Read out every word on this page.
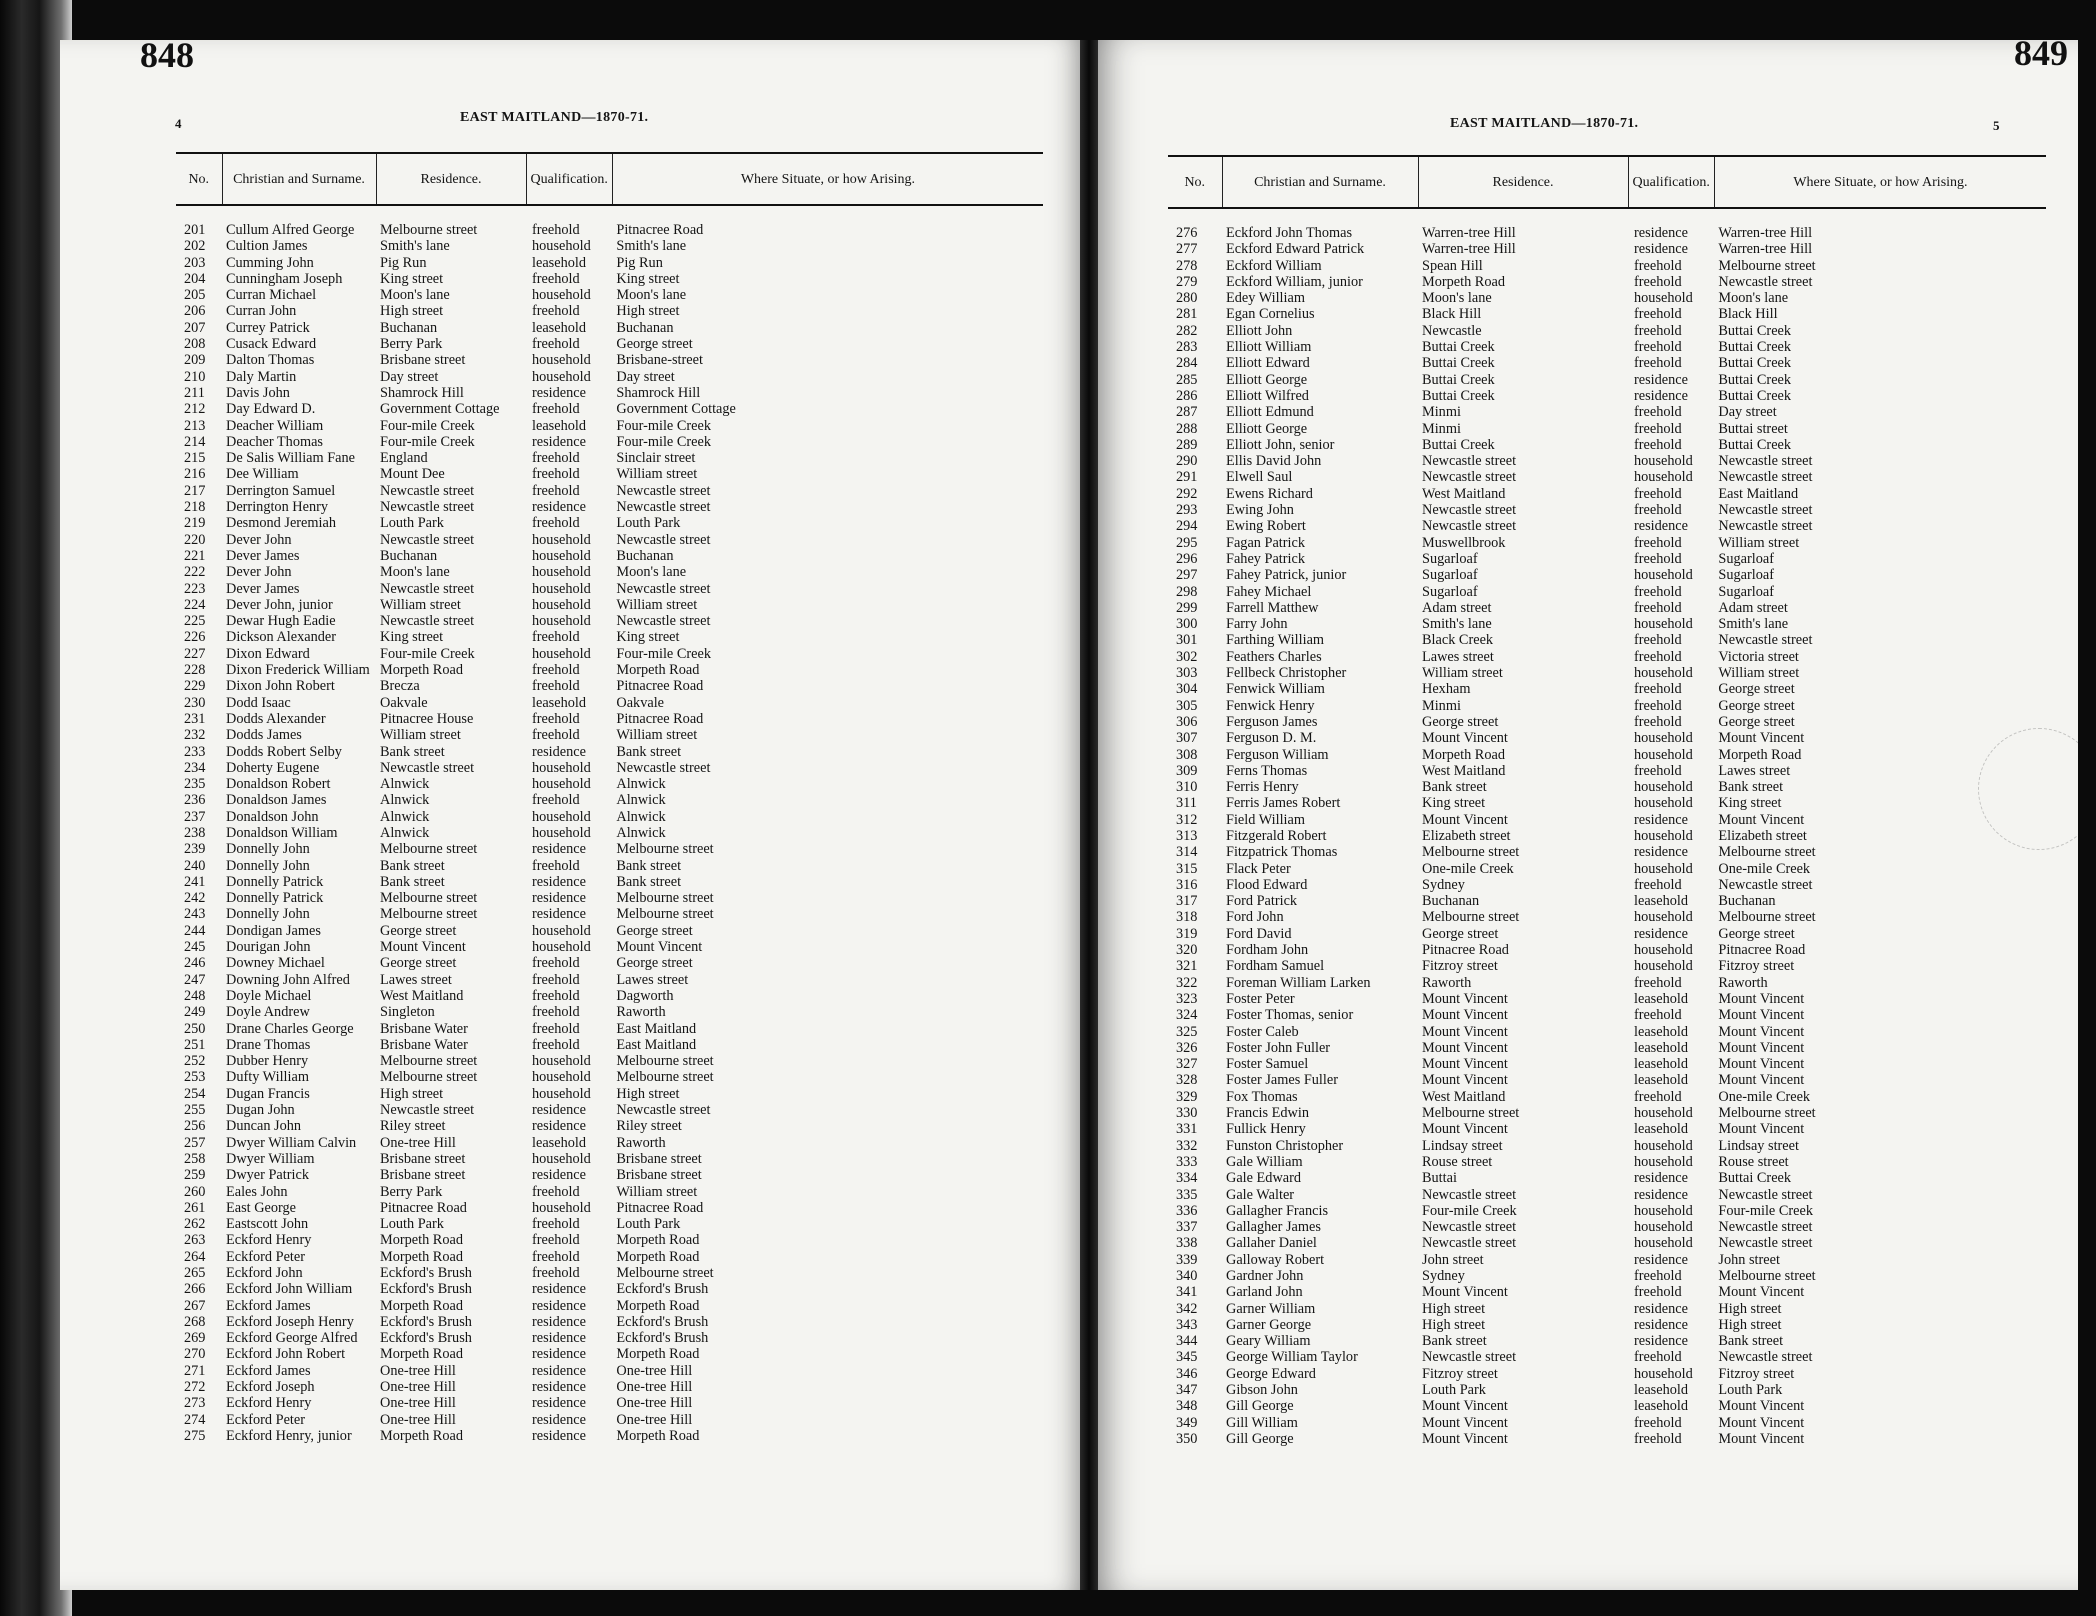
848
4	EAST MAITLAND—1870-71.
No.	Christian and Surname.	Residence.	Qualification.	Where Situate, or how Arising.
201	Cullum Alfred George	Melbourne street	freehold	Pitnacree Road
202	Cultion James	Smith's lane	household	Smith's lane
203	Cumming John	Pig Run	leasehold	Pig Run
204	Cunningham Joseph	King street	freehold	King street
205	Curran Michael	Moon's lane	household	Moon's lane
206	Curran John	High street	freehold	High street
207	Currey Patrick	Buchanan	leasehold	Buchanan
208	Cusack Edward	Berry Park	freehold	George street
209	Dalton Thomas	Brisbane street	household	Brisbane-street
210	Daly Martin	Day street	household	Day street
211	Davis John	Shamrock Hill	residence	Shamrock Hill
212	Day Edward D.	Government Cottage	freehold	Government Cottage
213	Deacher William	Four-mile Creek	leasehold	Four-mile Creek
214	Deacher Thomas	Four-mile Creek	residence	Four-mile Creek
215	De Salis William Fane	England	freehold	Sinclair street
216	Dee William	Mount Dee	freehold	William street
217	Derrington Samuel	Newcastle street	freehold	Newcastle street
218	Derrington Henry	Newcastle street	residence	Newcastle street
219	Desmond Jeremiah	Louth Park	freehold	Louth Park
220	Dever John	Newcastle street	household	Newcastle street
221	Dever James	Buchanan	household	Buchanan
222	Dever John	Moon's lane	household	Moon's lane
223	Dever James	Newcastle street	household	Newcastle street
224	Dever John, junior	William street	household	William street
225	Dewar Hugh Eadie	Newcastle street	household	Newcastle street
226	Dickson Alexander	King street	freehold	King street
227	Dixon Edward	Four-mile Creek	household	Four-mile Creek
228	Dixon Frederick William	Morpeth Road	freehold	Morpeth Road
229	Dixon John Robert	Brecza	freehold	Pitnacree Road
230	Dodd Isaac	Oakvale	leasehold	Oakvale
231	Dodds Alexander	Pitnacree House	freehold	Pitnacree Road
232	Dodds James	William street	freehold	William street
233	Dodds Robert Selby	Bank street	residence	Bank street
234	Doherty Eugene	Newcastle street	household	Newcastle street
235	Donaldson Robert	Alnwick	household	Alnwick
236	Donaldson James	Alnwick	freehold	Alnwick
237	Donaldson John	Alnwick	household	Alnwick
238	Donaldson William	Alnwick	household	Alnwick
239	Donnelly John	Melbourne street	residence	Melbourne street
240	Donnelly John	Bank street	freehold	Bank street
241	Donnelly Patrick	Bank street	residence	Bank street
242	Donnelly Patrick	Melbourne street	residence	Melbourne street
243	Donnelly John	Melbourne street	residence	Melbourne street
244	Dondigan James	George street	household	George street
245	Dourigan John	Mount Vincent	household	Mount Vincent
246	Downey Michael	George street	freehold	George street
247	Downing John Alfred	Lawes street	freehold	Lawes street
248	Doyle Michael	West Maitland	freehold	Dagworth
249	Doyle Andrew	Singleton	freehold	Raworth
250	Drane Charles George	Brisbane Water	freehold	East Maitland
251	Drane Thomas	Brisbane Water	freehold	East Maitland
252	Dubber Henry	Melbourne street	household	Melbourne street
253	Dufty William	Melbourne street	household	Melbourne street
254	Dugan Francis	High street	household	High street
255	Dugan John	Newcastle street	residence	Newcastle street
256	Duncan John	Riley street	residence	Riley street
257	Dwyer William Calvin	One-tree Hill	leasehold	Raworth
258	Dwyer William	Brisbane street	household	Brisbane street
259	Dwyer Patrick	Brisbane street	residence	Brisbane street
260	Eales John	Berry Park	freehold	William street
261	East George	Pitnacree Road	household	Pitnacree Road
262	Eastscott John	Louth Park	freehold	Louth Park
263	Eckford Henry	Morpeth Road	freehold	Morpeth Road
264	Eckford Peter	Morpeth Road	freehold	Morpeth Road
265	Eckford John	Eckford's Brush	freehold	Melbourne street
266	Eckford John William	Eckford's Brush	residence	Eckford's Brush
267	Eckford James	Morpeth Road	residence	Morpeth Road
268	Eckford Joseph Henry	Eckford's Brush	residence	Eckford's Brush
269	Eckford George Alfred	Eckford's Brush	residence	Eckford's Brush
270	Eckford John Robert	Morpeth Road	residence	Morpeth Road
271	Eckford James	One-tree Hill	residence	One-tree Hill
272	Eckford Joseph	One-tree Hill	residence	One-tree Hill
273	Eckford Henry	One-tree Hill	residence	One-tree Hill
274	Eckford Peter	One-tree Hill	residence	One-tree Hill
275	Eckford Henry, junior	Morpeth Road	residence	Morpeth Road
849
5
EAST MAITLAND—1870-71.
No.	Christian and Surname.	Residence.	Qualification.	Where Situate, or how Arising.
276	Eckford John Thomas	Warren-tree Hill	residence	Warren-tree Hill
277	Eckford Edward Patrick	Warren-tree Hill	residence	Warren-tree Hill
278	Eckford William	Spean Hill	freehold	Melbourne street
279	Eckford William, junior	Morpeth Road	freehold	Newcastle street
280	Edey William	Moon's lane	household	Moon's lane
281	Egan Cornelius	Black Hill	freehold	Black Hill
282	Elliott John	Newcastle	freehold	Buttai Creek
283	Elliott William	Buttai Creek	freehold	Buttai Creek
284	Elliott Edward	Buttai Creek	freehold	Buttai Creek
285	Elliott George	Buttai Creek	residence	Buttai Creek
286	Elliott Wilfred	Buttai Creek	residence	Buttai Creek
287	Elliott Edmund	Minmi	freehold	Day street
288	Elliott George	Minmi	freehold	Buttai street
289	Elliott John, senior	Buttai Creek	freehold	Buttai Creek
290	Ellis David John	Newcastle street	household	Newcastle street
291	Elwell Saul	Newcastle street	household	Newcastle street
292	Ewens Richard	West Maitland	freehold	East Maitland
293	Ewing John	Newcastle street	freehold	Newcastle street
294	Ewing Robert	Newcastle street	residence	Newcastle street
295	Fagan Patrick	Muswellbrook	freehold	William street
296	Fahey Patrick	Sugarloaf	freehold	Sugarloaf
297	Fahey Patrick, junior	Sugarloaf	household	Sugarloaf
298	Fahey Michael	Sugarloaf	freehold	Sugarloaf
299	Farrell Matthew	Adam street	freehold	Adam street
300	Farry John	Smith's lane	household	Smith's lane
301	Farthing William	Black Creek	freehold	Newcastle street
302	Feathers Charles	Lawes street	freehold	Victoria street
303	Fellbeck Christopher	William street	household	William street
304	Fenwick William	Hexham	freehold	George street
305	Fenwick Henry	Minmi	freehold	George street
306	Ferguson James	George street	freehold	George street
307	Ferguson D. M.	Mount Vincent	household	Mount Vincent
308	Ferguson William	Morpeth Road	household	Morpeth Road
309	Ferns Thomas	West Maitland	freehold	Lawes street
310	Ferris Henry	Bank street	household	Bank street
311	Ferris James Robert	King street	household	King street
312	Field William	Mount Vincent	residence	Mount Vincent
313	Fitzgerald Robert	Elizabeth street	household	Elizabeth street
314	Fitzpatrick Thomas	Melbourne street	residence	Melbourne street
315	Flack Peter	One-mile Creek	household	One-mile Creek
316	Flood Edward	Sydney	freehold	Newcastle street
317	Ford Patrick	Buchanan	leasehold	Buchanan
318	Ford John	Melbourne street	household	Melbourne street
319	Ford David	George street	residence	George street
320	Fordham John	Pitnacree Road	household	Pitnacree Road
321	Fordham Samuel	Fitzroy street	household	Fitzroy street
322	Foreman William Larken	Raworth	freehold	Raworth
323	Foster Peter	Mount Vincent	leasehold	Mount Vincent
324	Foster Thomas, senior	Mount Vincent	freehold	Mount Vincent
325	Foster Caleb	Mount Vincent	leasehold	Mount Vincent
326	Foster John Fuller	Mount Vincent	leasehold	Mount Vincent
327	Foster Samuel	Mount Vincent	leasehold	Mount Vincent
328	Foster James Fuller	Mount Vincent	leasehold	Mount Vincent
329	Fox Thomas	West Maitland	freehold	One-mile Creek
330	Francis Edwin	Melbourne street	household	Melbourne street
331	Fullick Henry	Mount Vincent	leasehold	Mount Vincent
332	Funston Christopher	Lindsay street	household	Lindsay street
333	Gale William	Rouse street	household	Rouse street
334	Gale Edward	Buttai	residence	Buttai Creek
335	Gale Walter	Newcastle street	residence	Newcastle street
336	Gallagher Francis	Four-mile Creek	household	Four-mile Creek
337	Gallagher James	Newcastle street	household	Newcastle street
338	Gallaher Daniel	Newcastle street	household	Newcastle street
339	Galloway Robert	John street	residence	John street
340	Gardner John	Sydney	freehold	Melbourne street
341	Garland John	Mount Vincent	freehold	Mount Vincent
342	Garner William	High street	residence	High street
343	Garner George	High street	residence	High street
344	Geary William	Bank street	residence	Bank street
345	George William Taylor	Newcastle street	freehold	Newcastle street
346	George Edward	Fitzroy street	household	Fitzroy street
347	Gibson John	Louth Park	leasehold	Louth Park
348	Gill George	Mount Vincent	leasehold	Mount Vincent
349	Gill William	Mount Vincent	freehold	Mount Vincent
350	Gill George	Mount Vincent	freehold	Mount Vincent
